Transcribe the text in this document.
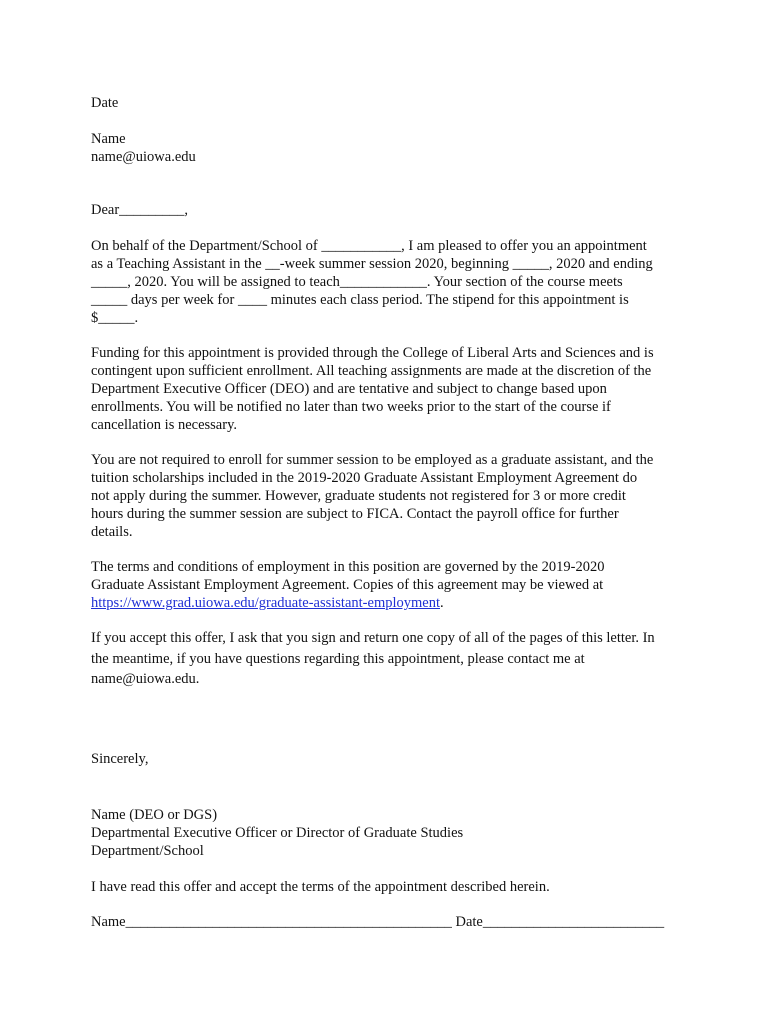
Date

Name
name@uiowa.edu

Dear_________,

On behalf of the Department/School of ___________, I am pleased to offer you an appointment
as a Teaching Assistant in the __-week summer session 2020, beginning _____, 2020 and ending
_____, 2020. You will be assigned to teach____________. Your section of the course meets
_____ days per week for ____ minutes each class period. The stipend for this appointment is
$_____.

Funding for this appointment is provided through the College of Liberal Arts and Sciences and is
contingent upon sufficient enrollment. All teaching assignments are made at the discretion of the
Department Executive Officer (DEO) and are tentative and subject to change based upon
enrollments. You will be notified no later than two weeks prior to the start of the course if
cancellation is necessary.

You are not required to enroll for summer session to be employed as a graduate assistant, and the
tuition scholarships included in the 2019-2020 Graduate Assistant Employment Agreement do
not apply during the summer. However, graduate students not registered for 3 or more credit
hours during the summer session are subject to FICA. Contact the payroll office for further
details.

The terms and conditions of employment in this position are governed by the 2019-2020
Graduate Assistant Employment Agreement. Copies of this agreement may be viewed at
https://www.grad.uiowa.edu/graduate-assistant-employment.

If you accept this offer, I ask that you sign and return one copy of all of the pages of this letter. In
the meantime, if you have questions regarding this appointment, please contact me at
name@uiowa.edu.

Sincerely,

Name (DEO or DGS)
Departmental Executive Officer or Director of Graduate Studies
Department/School

I have read this offer and accept the terms of the appointment described herein.

Name_____________________________________________ Date_________________________
